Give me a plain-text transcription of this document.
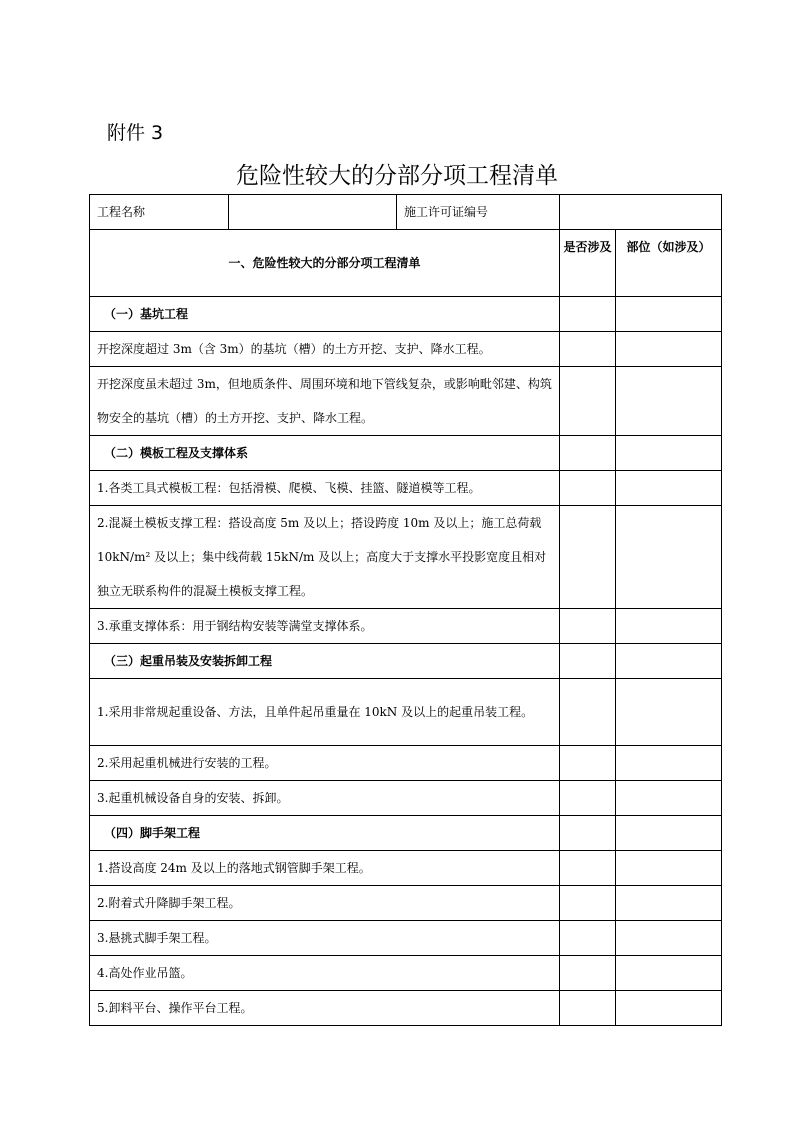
附件 3
危险性较大的分部分项工程清单
工程名称		施工许可证编号		
一、危险性较大的分部分项工程清单			是否涉及	部位（如涉及）
（一）基坑工程				
开挖深度超过 3m（含 3m）的基坑（槽）的土方开挖、支护、降水工程。				
开挖深度虽未超过 3m，但地质条件、周围环境和地下管线复杂，或影响毗邻建、构筑物安全的基坑（槽）的土方开挖、支护、降水工程。				
（二）模板工程及支撑体系				
1.各类工具式模板工程：包括滑模、爬模、飞模、挂篮、隧道模等工程。				
2.混凝土模板支撑工程：搭设高度 5m 及以上；搭设跨度 10m 及以上；施工总荷载 10kN/m² 及以上；集中线荷载 15kN/m 及以上；高度大于支撑水平投影宽度且相对独立无联系构件的混凝土模板支撑工程。				
3.承重支撑体系：用于钢结构安装等满堂支撑体系。				
（三）起重吊装及安装拆卸工程				
1.采用非常规起重设备、方法，且单件起吊重量在 10kN 及以上的起重吊装工程。				
2.采用起重机械进行安装的工程。				
3.起重机械设备自身的安装、拆卸。				
（四）脚手架工程				
1.搭设高度 24m 及以上的落地式钢管脚手架工程。				
2.附着式升降脚手架工程。				
3.悬挑式脚手架工程。				
4.高处作业吊篮。				
5.卸料平台、操作平台工程。				
